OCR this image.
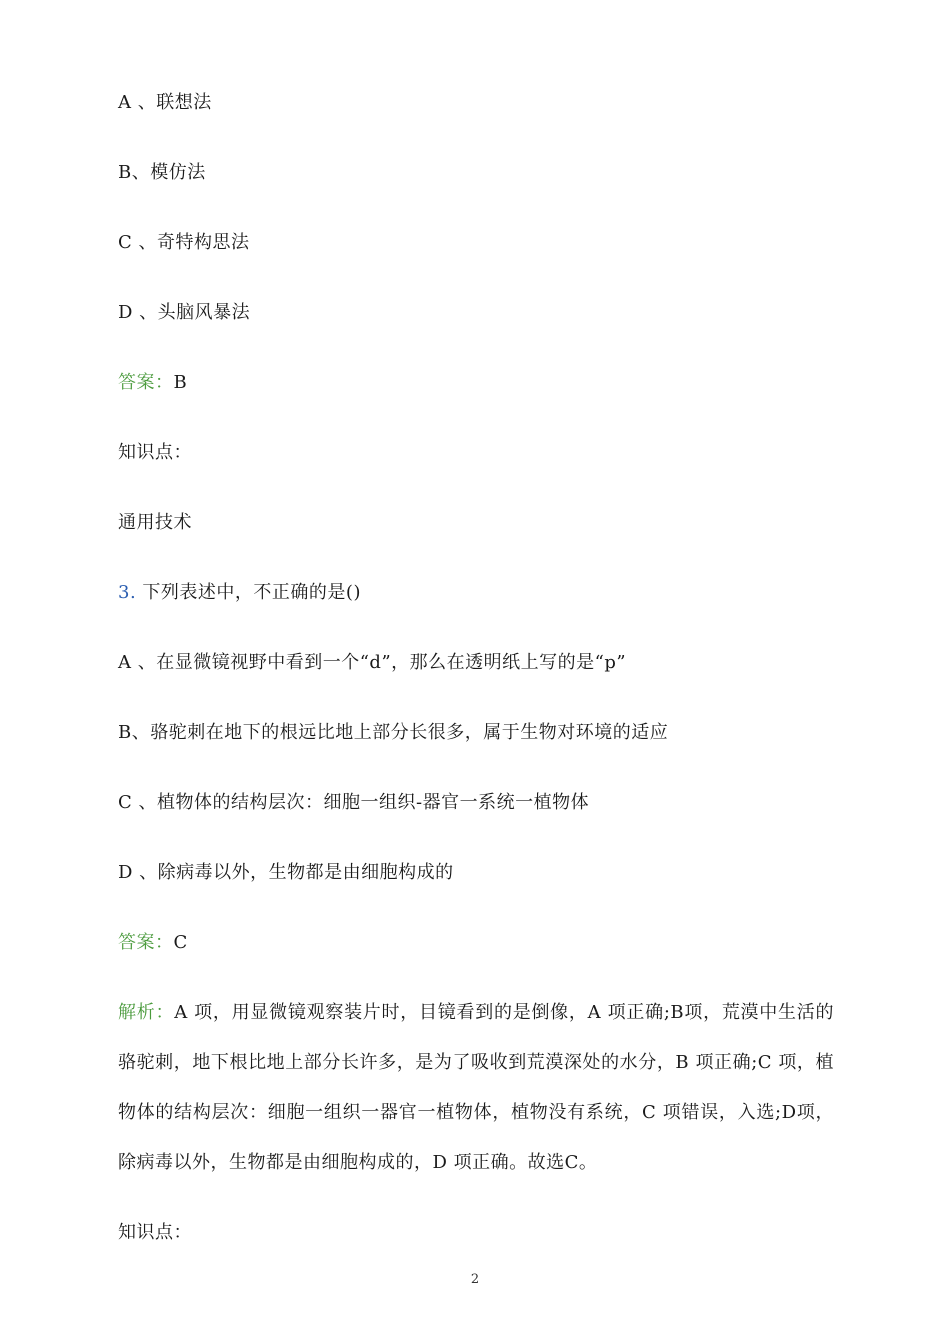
A 、联想法
B、模仿法
C 、奇特构思法
D 、头脑风暴法
答案：B
知识点：
通用技术
3. 下列表述中，不正确的是()
A 、在显微镜视野中看到一个“d”，那么在透明纸上写的是“p”
B、骆驼刺在地下的根远比地上部分长很多，属于生物对环境的适应
C 、植物体的结构层次：细胞一组织-器官一系统一植物体
D 、除病毒以外，生物都是由细胞构成的
答案：C
解析：A 项，用显微镜观察装片时，目镜看到的是倒像，A 项正确;B项，荒漠中生活的骆驼刺，地下根比地上部分长许多，是为了吸收到荒漠深处的水分，B 项正确;C 项，植物体的结构层次：细胞一组织一器官一植物体，植物没有系统，C 项错误，入选;D项，除病毒以外，生物都是由细胞构成的，D 项正确。故选C。
知识点：
2
